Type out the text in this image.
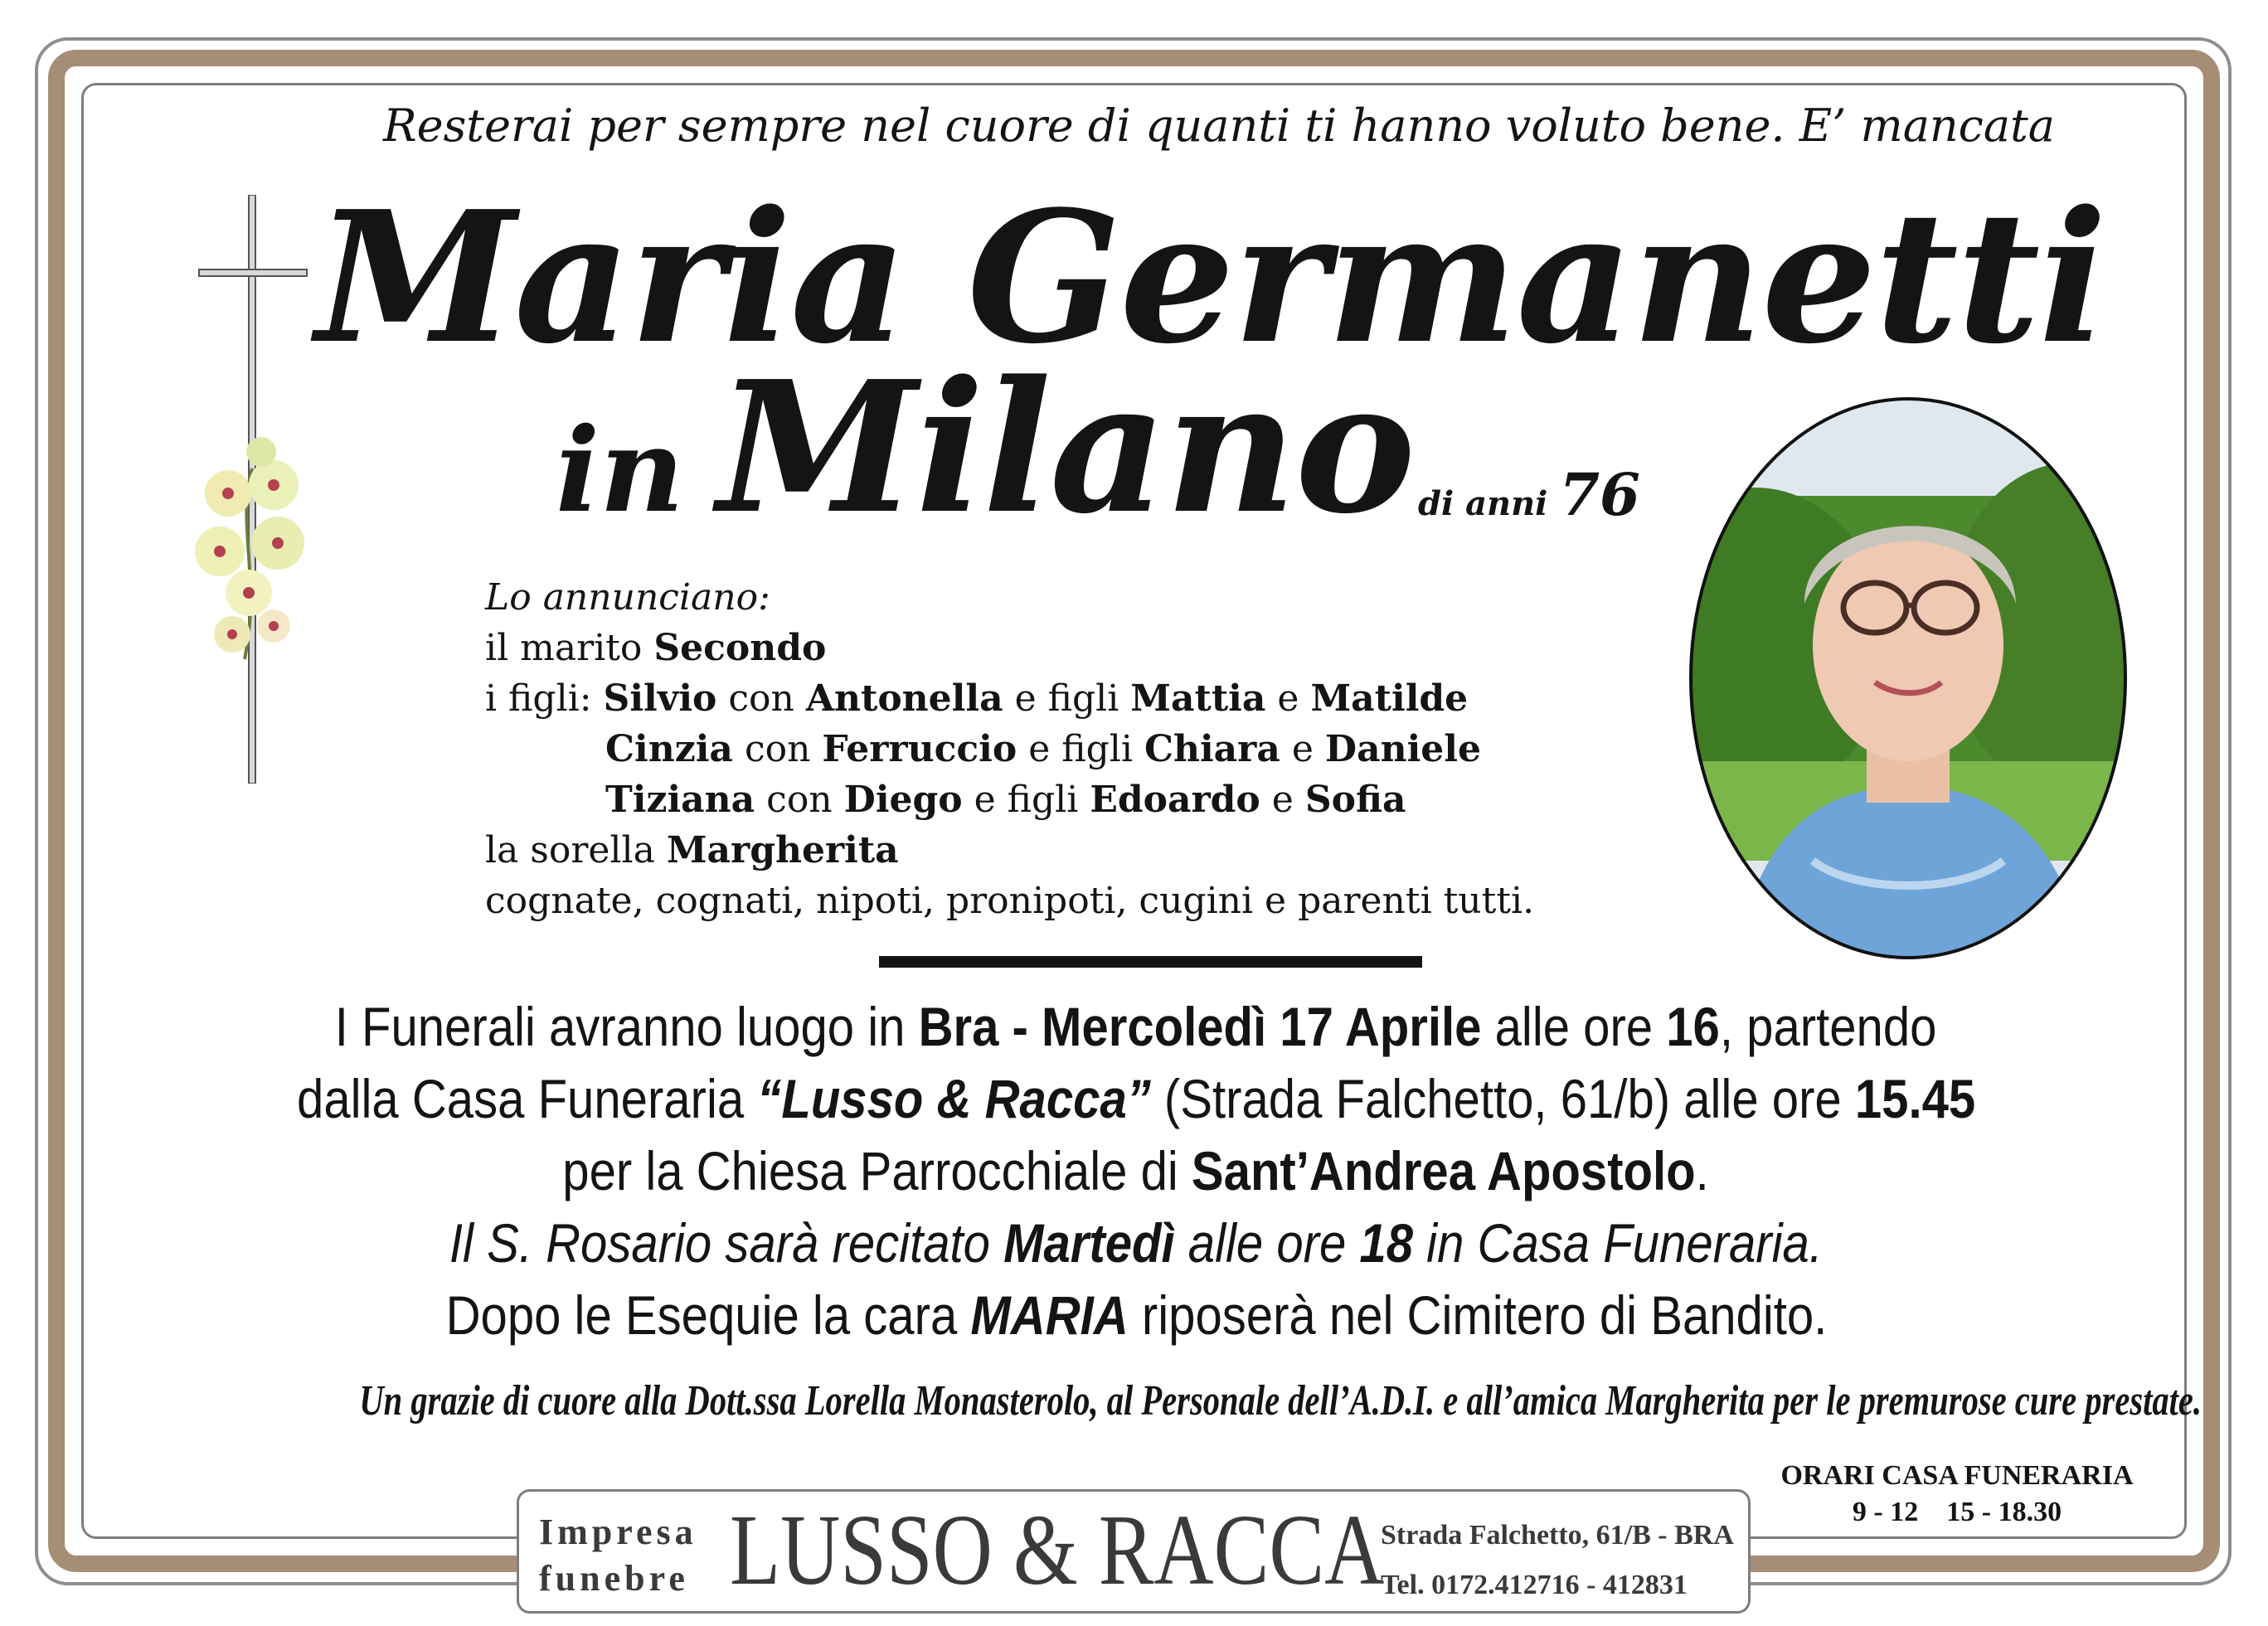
Resterai per sempre nel cuore di quanti ti hanno voluto bene. E’ mancata
Maria Germanetti
in Milano di anni 76
Lo annunciano:
il marito Secondo
i figli: Silvio con Antonella e figli Mattia e Matilde
Cinzia con Ferruccio e figli Chiara e Daniele
Tiziana con Diego e figli Edoardo e Sofia
la sorella Margherita
cognate, cognati, nipoti, pronipoti, cugini e parenti tutti.
I Funerali avranno luogo in Bra - Mercoledì 17 Aprile alle ore 16, partendo
dalla Casa Funeraria “Lusso & Racca” (Strada Falchetto, 61/b) alle ore 15.45
per la Chiesa Parrocchiale di Sant’Andrea Apostolo.
Il S. Rosario sarà recitato Martedì alle ore 18 in Casa Funeraria.
Dopo le Esequie la cara MARIA riposerà nel Cimitero di Bandito.
Un grazie di cuore alla Dott.ssa Lorella Monasterolo, al Personale dell’A.D.I. e all’amica Margherita per le premurose cure prestate.
ORARI CASA FUNERARIA
9 - 12 15 - 18.30
Impresa
funebre LUSSO & RACCA
Strada Falchetto, 61/B - BRA
Tel. 0172.412716 - 412831
